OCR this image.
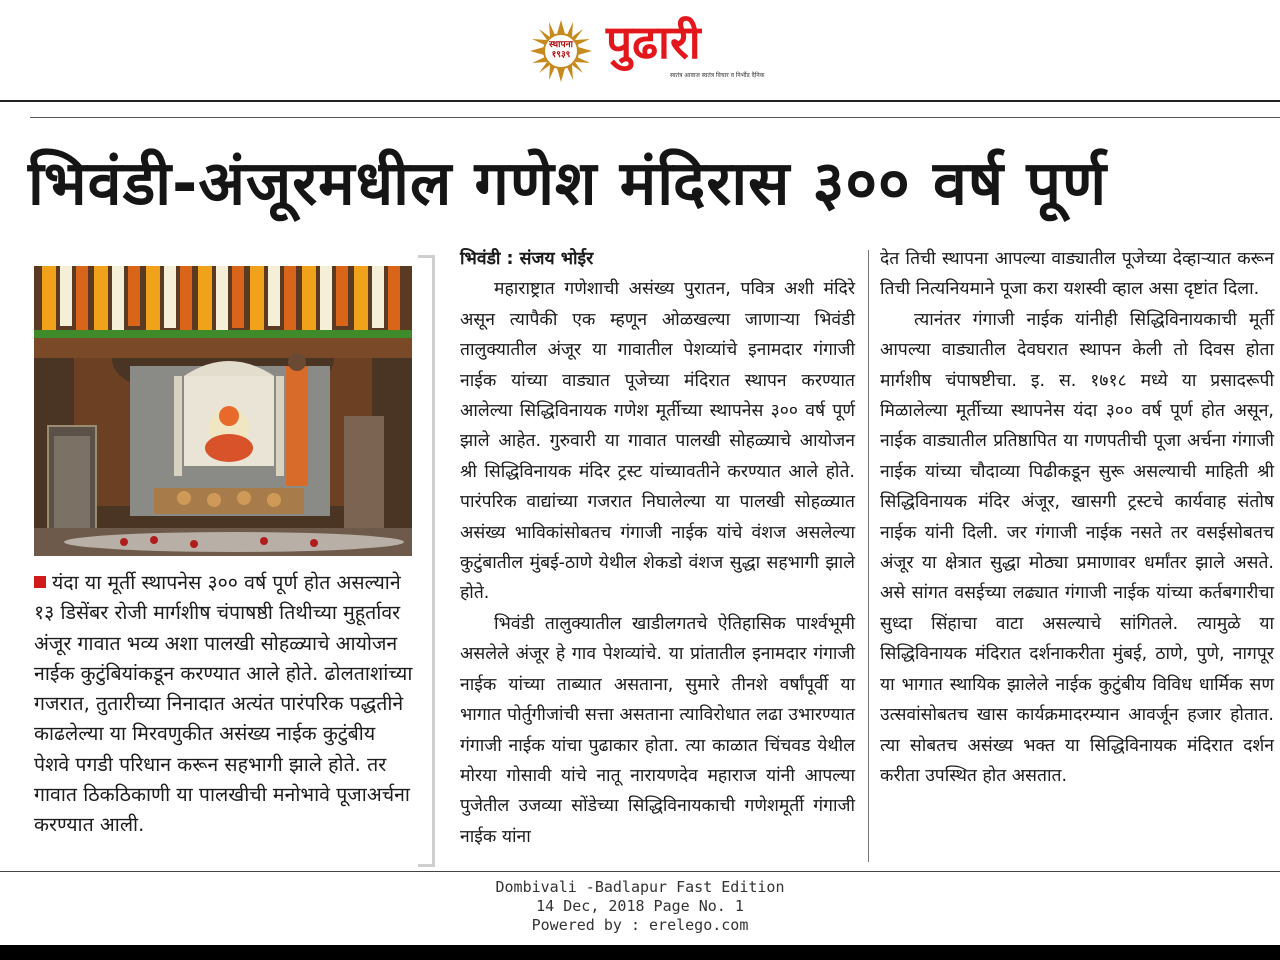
स्थापना १९३९ पुढारी
स्वतंत्र आवाज स्वतंत्र विचार व निर्भीड दैनिक
भिवंडी-अंजूरमधील गणेश मंदिरास ३०० वर्ष पूर्ण
यंदा या मूर्ती स्थापनेस ३०० वर्ष पूर्ण होत असल्याने १३ डिसेंबर रोजी मार्गशीष चंपाषष्ठी तिथीच्या मुहूर्तावर अंजूर गावात भव्य अशा पालखी सोहळ्याचे आयोजन नाईक कुटुंबियांकडून करण्यात आले होते. ढोलताशांच्या गजरात, तुतारीच्या निनादात अत्यंत पारंपरिक पद्धतीने काढलेल्या या मिरवणुकीत असंख्य नाईक कुटुंबीय पेशवे पगडी परिधान करून सहभागी झाले होते. तर गावात ठिकठिकाणी या पालखीची मनोभावे पूजाअर्चना करण्यात आली.

भिवंडी : संजय भोईर

महाराष्ट्रात गणेशाची असंख्य पुरातन, पवित्र अशी मंदिरे असून त्यापैकी एक म्हणून ओळखल्या जाणाऱ्या भिवंडी तालुक्यातील अंजूर या गावातील पेशव्यांचे इनामदार गंगाजी नाईक यांच्या वाड्यात पूजेच्या मंदिरात स्थापन करण्यात आलेल्या सिद्धिविनायक गणेश मूर्तीच्या स्थापनेस ३०० वर्ष पूर्ण झाले आहेत. गुरुवारी या गावात पालखी सोहळ्याचे आयोजन श्री सिद्धिविनायक मंदिर ट्रस्ट यांच्यावतीने करण्यात आले होते. पारंपरिक वाद्यांच्या गजरात निघालेल्या या पालखी सोहळ्यात असंख्य भाविकांसोबतच गंगाजी नाईक यांचे वंशज असलेल्या कुटुंबातील मुंबई-ठाणे येथील शेकडो वंशज सुद्धा सहभागी झाले होते.

भिवंडी तालुक्यातील खाडीलगतचे ऐतिहासिक पार्श्वभूमी असलेले अंजूर हे गाव पेशव्यांचे. या प्रांतातील इनामदार गंगाजी नाईक यांच्या ताब्यात असताना, सुमारे तीनशे वर्षांपूर्वी या भागात पोर्तुगीजांची सत्ता असताना त्याविरोधात लढा उभारण्यात गंगाजी नाईक यांचा पुढाकार होता. त्या काळात चिंचवड येथील मोरया गोसावी यांचे नातू नारायणदेव महाराज यांनी आपल्या पुजेतील उजव्या सोंडेच्या सिद्धिविनायकाची गणेशमूर्ती गंगाजी नाईक यांना

देत तिची स्थापना आपल्या वाड्यातील पूजेच्या देव्हाऱ्यात करून तिची नित्यनियमाने पूजा करा यशस्वी व्हाल असा दृष्टांत दिला.

त्यानंतर गंगाजी नाईक यांनीही सिद्धिविनायकाची मूर्ती आपल्या वाड्यातील देवघरात स्थापन केली तो दिवस होता मार्गशीष चंपाषष्टीचा. इ. स. १७१८ मध्ये या प्रसादरूपी मिळालेल्या मूर्तीच्या स्थापनेस यंदा ३०० वर्ष पूर्ण होत असून, नाईक वाड्यातील प्रतिष्ठापित या गणपतीची पूजा अर्चना गंगाजी नाईक यांच्या चौदाव्या पिढीकडून सुरू असल्याची माहिती श्री सिद्धिविनायक मंदिर अंजूर, खासगी ट्रस्टचे कार्यवाह संतोष नाईक यांनी दिली. जर गंगाजी नाईक नसते तर वसईसोबतच अंजूर या क्षेत्रात सुद्धा मोठ्या प्रमाणावर धर्मांतर झाले असते. असे सांगत वसईच्या लढ्यात गंगाजी नाईक यांच्या कर्तबगारीचा सुध्दा सिंहाचा वाटा असल्याचे सांगितले. त्यामुळे या सिद्धिविनायक मंदिरात दर्शनाकरीता मुंबई, ठाणे, पुणे, नागपूर या भागात स्थायिक झालेले नाईक कुटुंबीय विविध धार्मिक सण उत्सवांसोबतच खास कार्यक्रमादरम्यान आवर्जून हजार होतात. त्या सोबतच असंख्य भक्त या सिद्धिविनायक मंदिरात दर्शन करीता उपस्थित होत असतात.

Dombivali -Badlapur Fast Edition
14 Dec, 2018 Page No. 1
Powered by : erelego.com
